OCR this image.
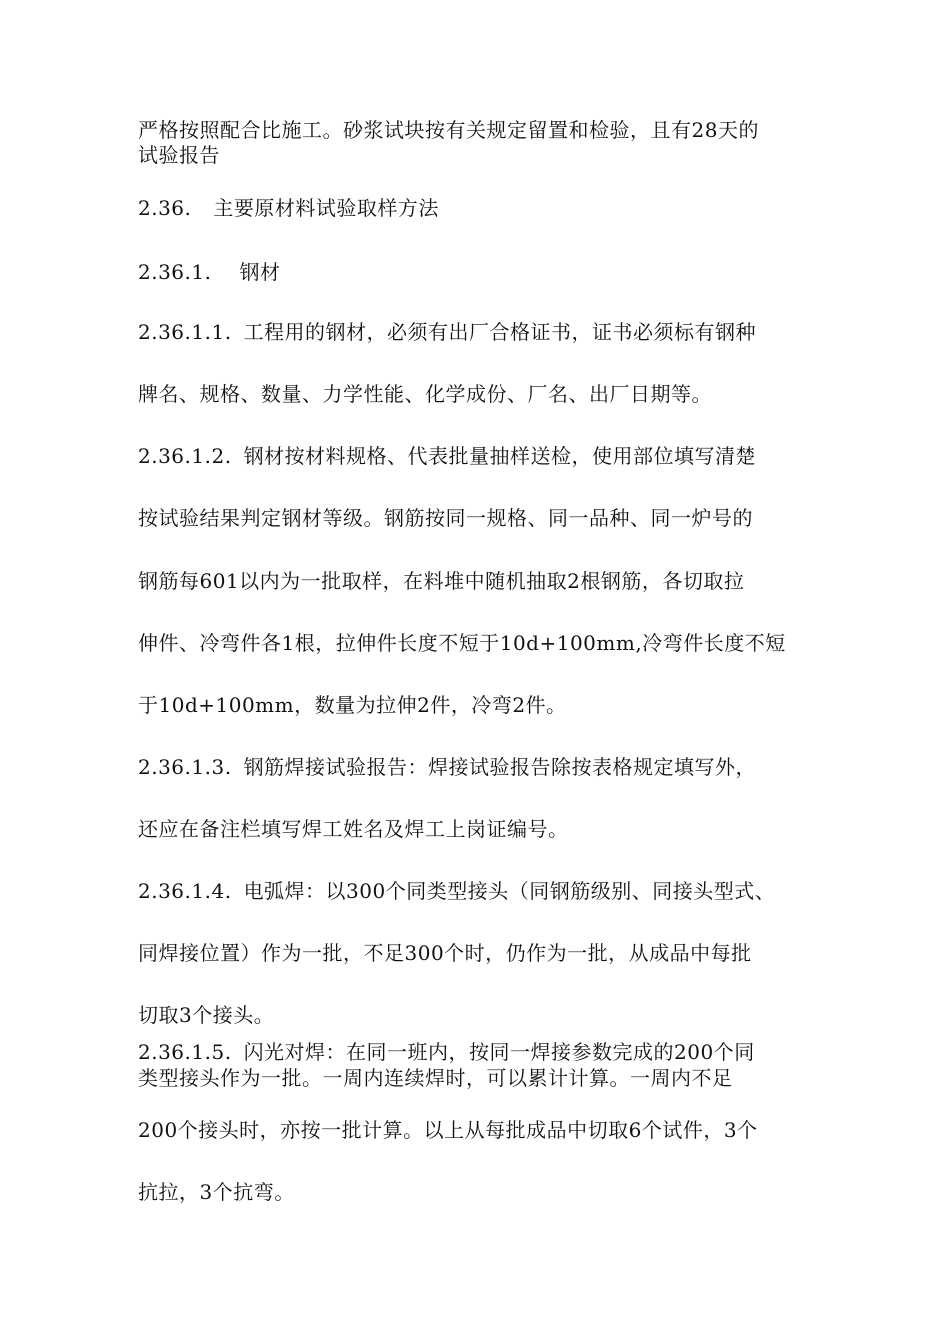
严格按照配合比施工。砂浆试块按有关规定留置和检验，且有28天的
试验报告
2.36. 主要原材料试验取样方法
2.36.1. 钢材
2.36.1.1. 工程用的钢材，必须有出厂合格证书，证书必须标有钢种
牌名、规格、数量、力学性能、化学成份、厂名、出厂日期等。
2.36.1.2. 钢材按材料规格、代表批量抽样送检，使用部位填写清楚
按试验结果判定钢材等级。钢筋按同一规格、同一品种、同一炉号的
钢筋每601以内为一批取样，在料堆中随机抽取2根钢筋，各切取拉
伸件、冷弯件各1根，拉伸件长度不短于10d+100mm,冷弯件长度不短
于10d+100mm，数量为拉伸2件，冷弯2件。
2.36.1.3. 钢筋焊接试验报告：焊接试验报告除按表格规定填写外，
还应在备注栏填写焊工姓名及焊工上岗证编号。
2.36.1.4. 电弧焊：以300个同类型接头（同钢筋级别、同接头型式、
同焊接位置）作为一批，不足300个时，仍作为一批，从成品中每批
切取3个接头。
2.36.1.5. 闪光对焊：在同一班内，按同一焊接参数完成的200个同
类型接头作为一批。一周内连续焊时，可以累计计算。一周内不足
200个接头时，亦按一批计算。以上从每批成品中切取6个试件，3个
抗拉，3个抗弯。
